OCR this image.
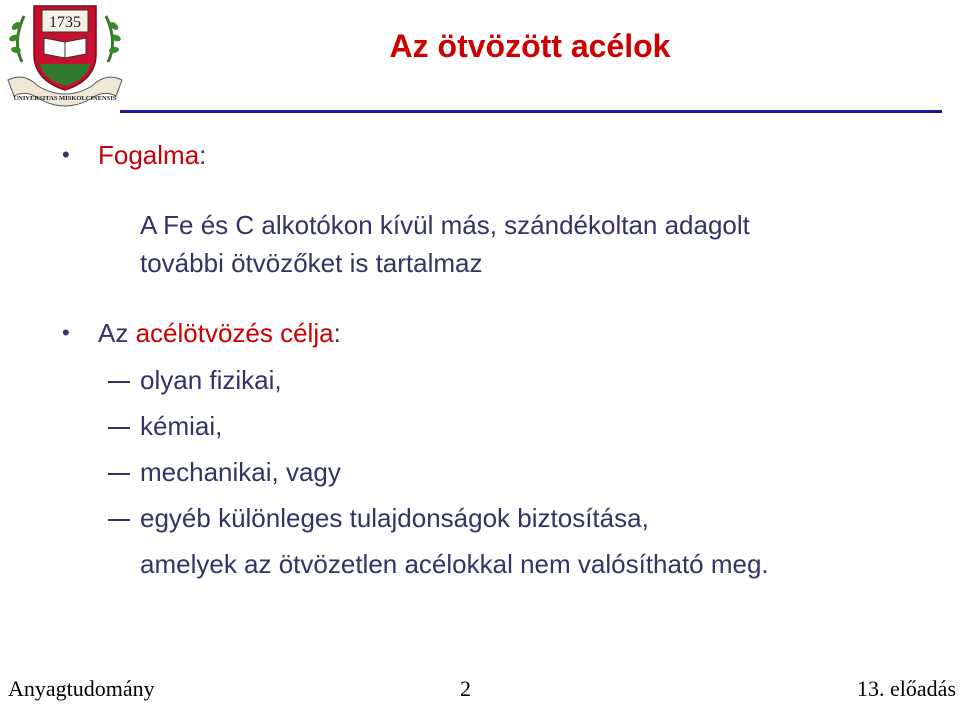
1735
UNIVERSITAS MISKOLCINENSIS
Az ötvözött acélok
• Fogalma:
A Fe és C alkotókon kívül más, szándékoltan adagolt
további ötvözőket is tartalmaz
• Az acélötvözés célja:
olyan fizikai,
kémiai,
mechanikai, vagy
egyéb különleges tulajdonságok biztosítása,
amelyek az ötvözetlen acélokkal nem valósítható meg.
Anyagtudomány	2	13. előadás
